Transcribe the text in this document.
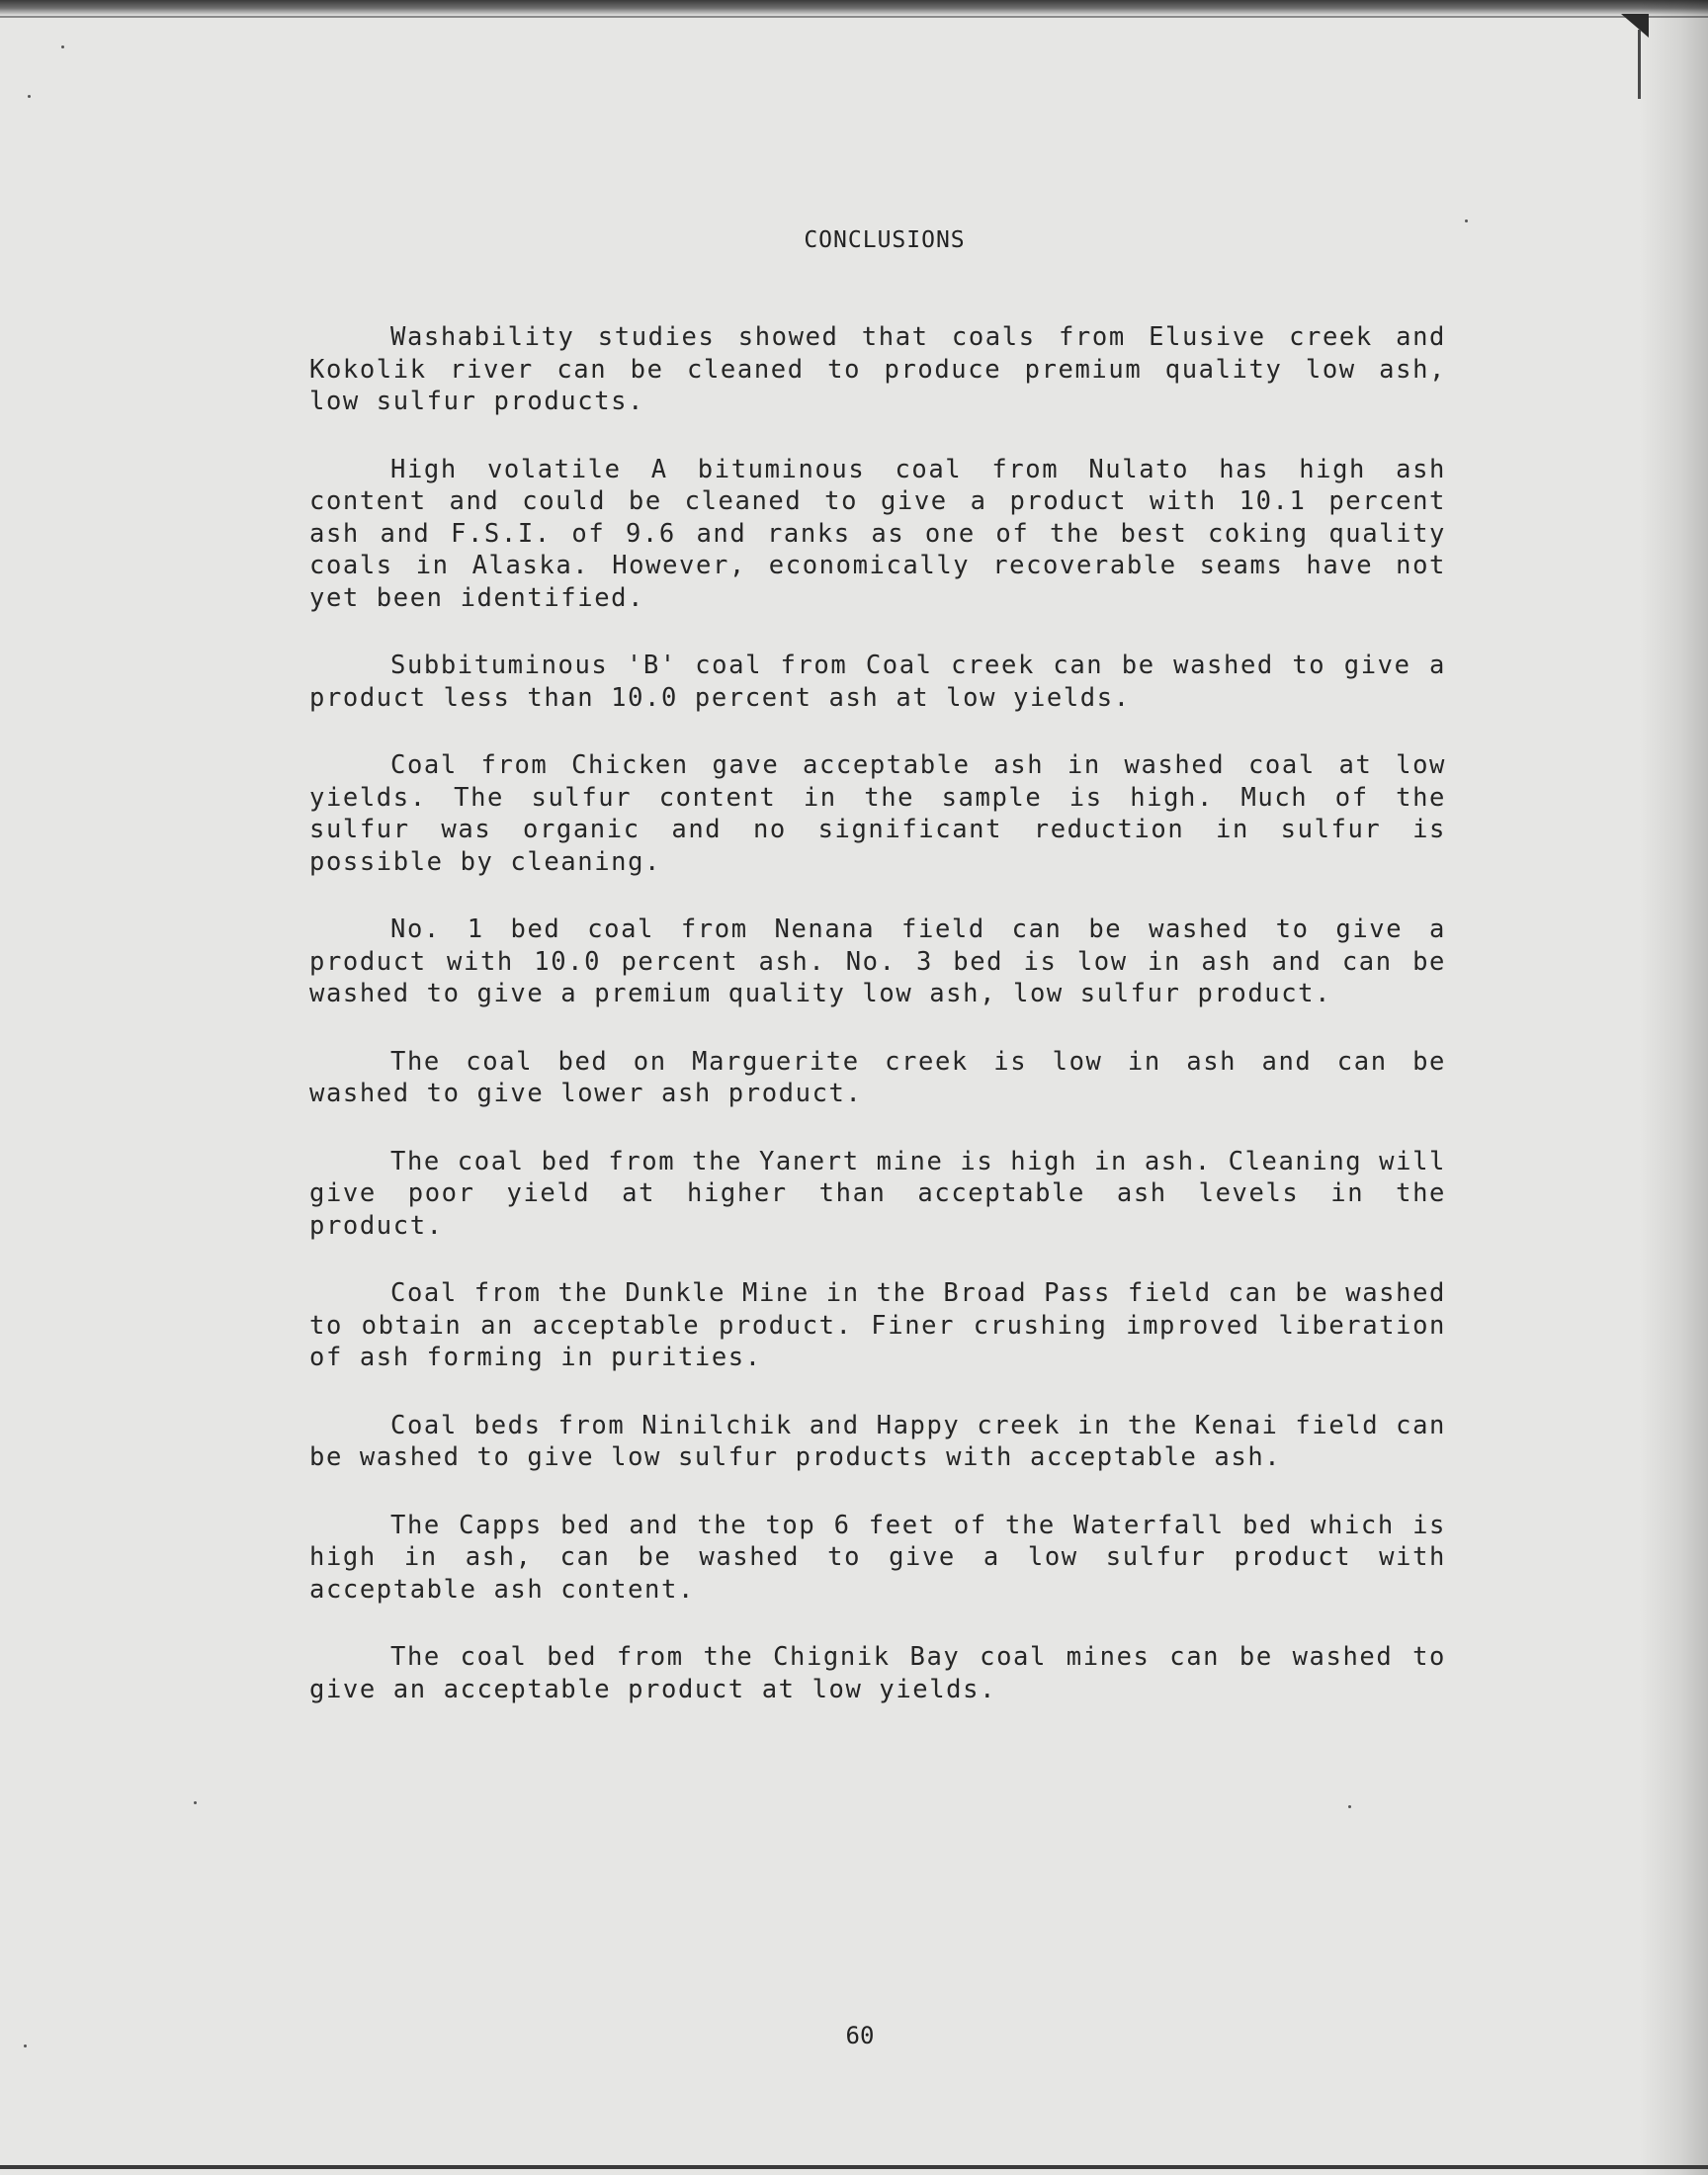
CONCLUSIONS

Washability studies showed that coals from Elusive creek and Kokolik river can be cleaned to produce premium quality low ash, low sulfur products.

High volatile A bituminous coal from Nulato has high ash content and could be cleaned to give a product with 10.1 percent ash and F.S.I. of 9.6 and ranks as one of the best coking quality coals in Alaska. However, economically recoverable seams have not yet been identified.

Subbituminous 'B' coal from Coal creek can be washed to give a product less than 10.0 percent ash at low yields.

Coal from Chicken gave acceptable ash in washed coal at low yields. The sulfur content in the sample is high. Much of the sulfur was organic and no significant reduction in sulfur is possible by cleaning.

No. 1 bed coal from Nenana field can be washed to give a product with 10.0 percent ash. No. 3 bed is low in ash and can be washed to give a premium quality low ash, low sulfur product.

The coal bed on Marguerite creek is low in ash and can be washed to give lower ash product.

The coal bed from the Yanert mine is high in ash. Cleaning will give poor yield at higher than acceptable ash levels in the product.

Coal from the Dunkle Mine in the Broad Pass field can be washed to obtain an acceptable product. Finer crushing improved liberation of ash forming in purities.

Coal beds from Ninilchik and Happy creek in the Kenai field can be washed to give low sulfur products with acceptable ash.

The Capps bed and the top 6 feet of the Waterfall bed which is high in ash, can be washed to give a low sulfur product with acceptable ash content.

The coal bed from the Chignik Bay coal mines can be washed to give an acceptable product at low yields.

60
